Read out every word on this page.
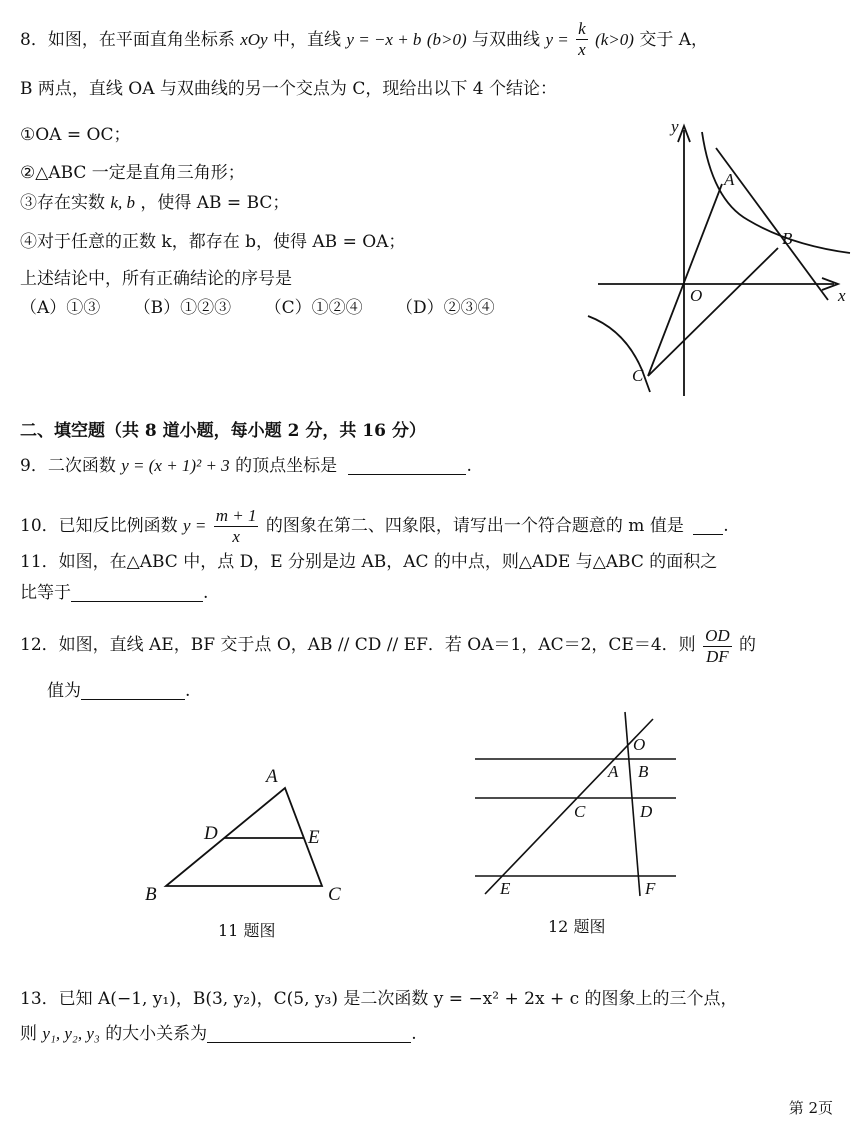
8．如图，在平面直角坐标系 xOy 中，直线 y = −x + b (b>0) 与双曲线 $y = \frac{k}{x} (k>0)$ 交于 A，
B 两点，直线 OA 与双曲线的另一个交点为 C，现给出以下 4 个结论：
①OA = OC；
②△ABC 一定是直角三角形；
③存在实数 k, b ，使得 AB = BC；
④对于任意的正数 k，都存在 b，使得 AB = OA；
上述结论中，所有正确结论的序号是
（A）①③ （B）①②③ （C）①②④ （D）②③④
y
x
A
B
O
C
二、填空题（共 8 道小题，每小题 2 分，共 16 分）
9．二次函数 y = (x + 1)² + 3 的顶点坐标是	.
10．已知反比例函数 $y = \frac{m + 1}{x}$ 的图象在第二、四象限，请写出一个符合题意的 m 值是 .
11．如图，在△ABC 中，点 D，E 分别是边 AB，AC 的中点，则△ADE 与△ABC 的面积之
比等于	.
12．如图，直线 AE，BF 交于点 O，AB // CD // EF．若 OA＝1，AC＝2，CE＝4．则 $\frac{OD}{DF}$ 的
值为	.
A
B	C
D	E
11 题图
O
A B
C	D
E	F
12 题图
13．已知 A(−1, y₁)，B(3, y₂)，C(5, y₃) 是二次函数 y = −x² + 2x + c 的图象上的三个点，
则 y₁, y₂, y₃ 的大小关系为	.
第 2页
